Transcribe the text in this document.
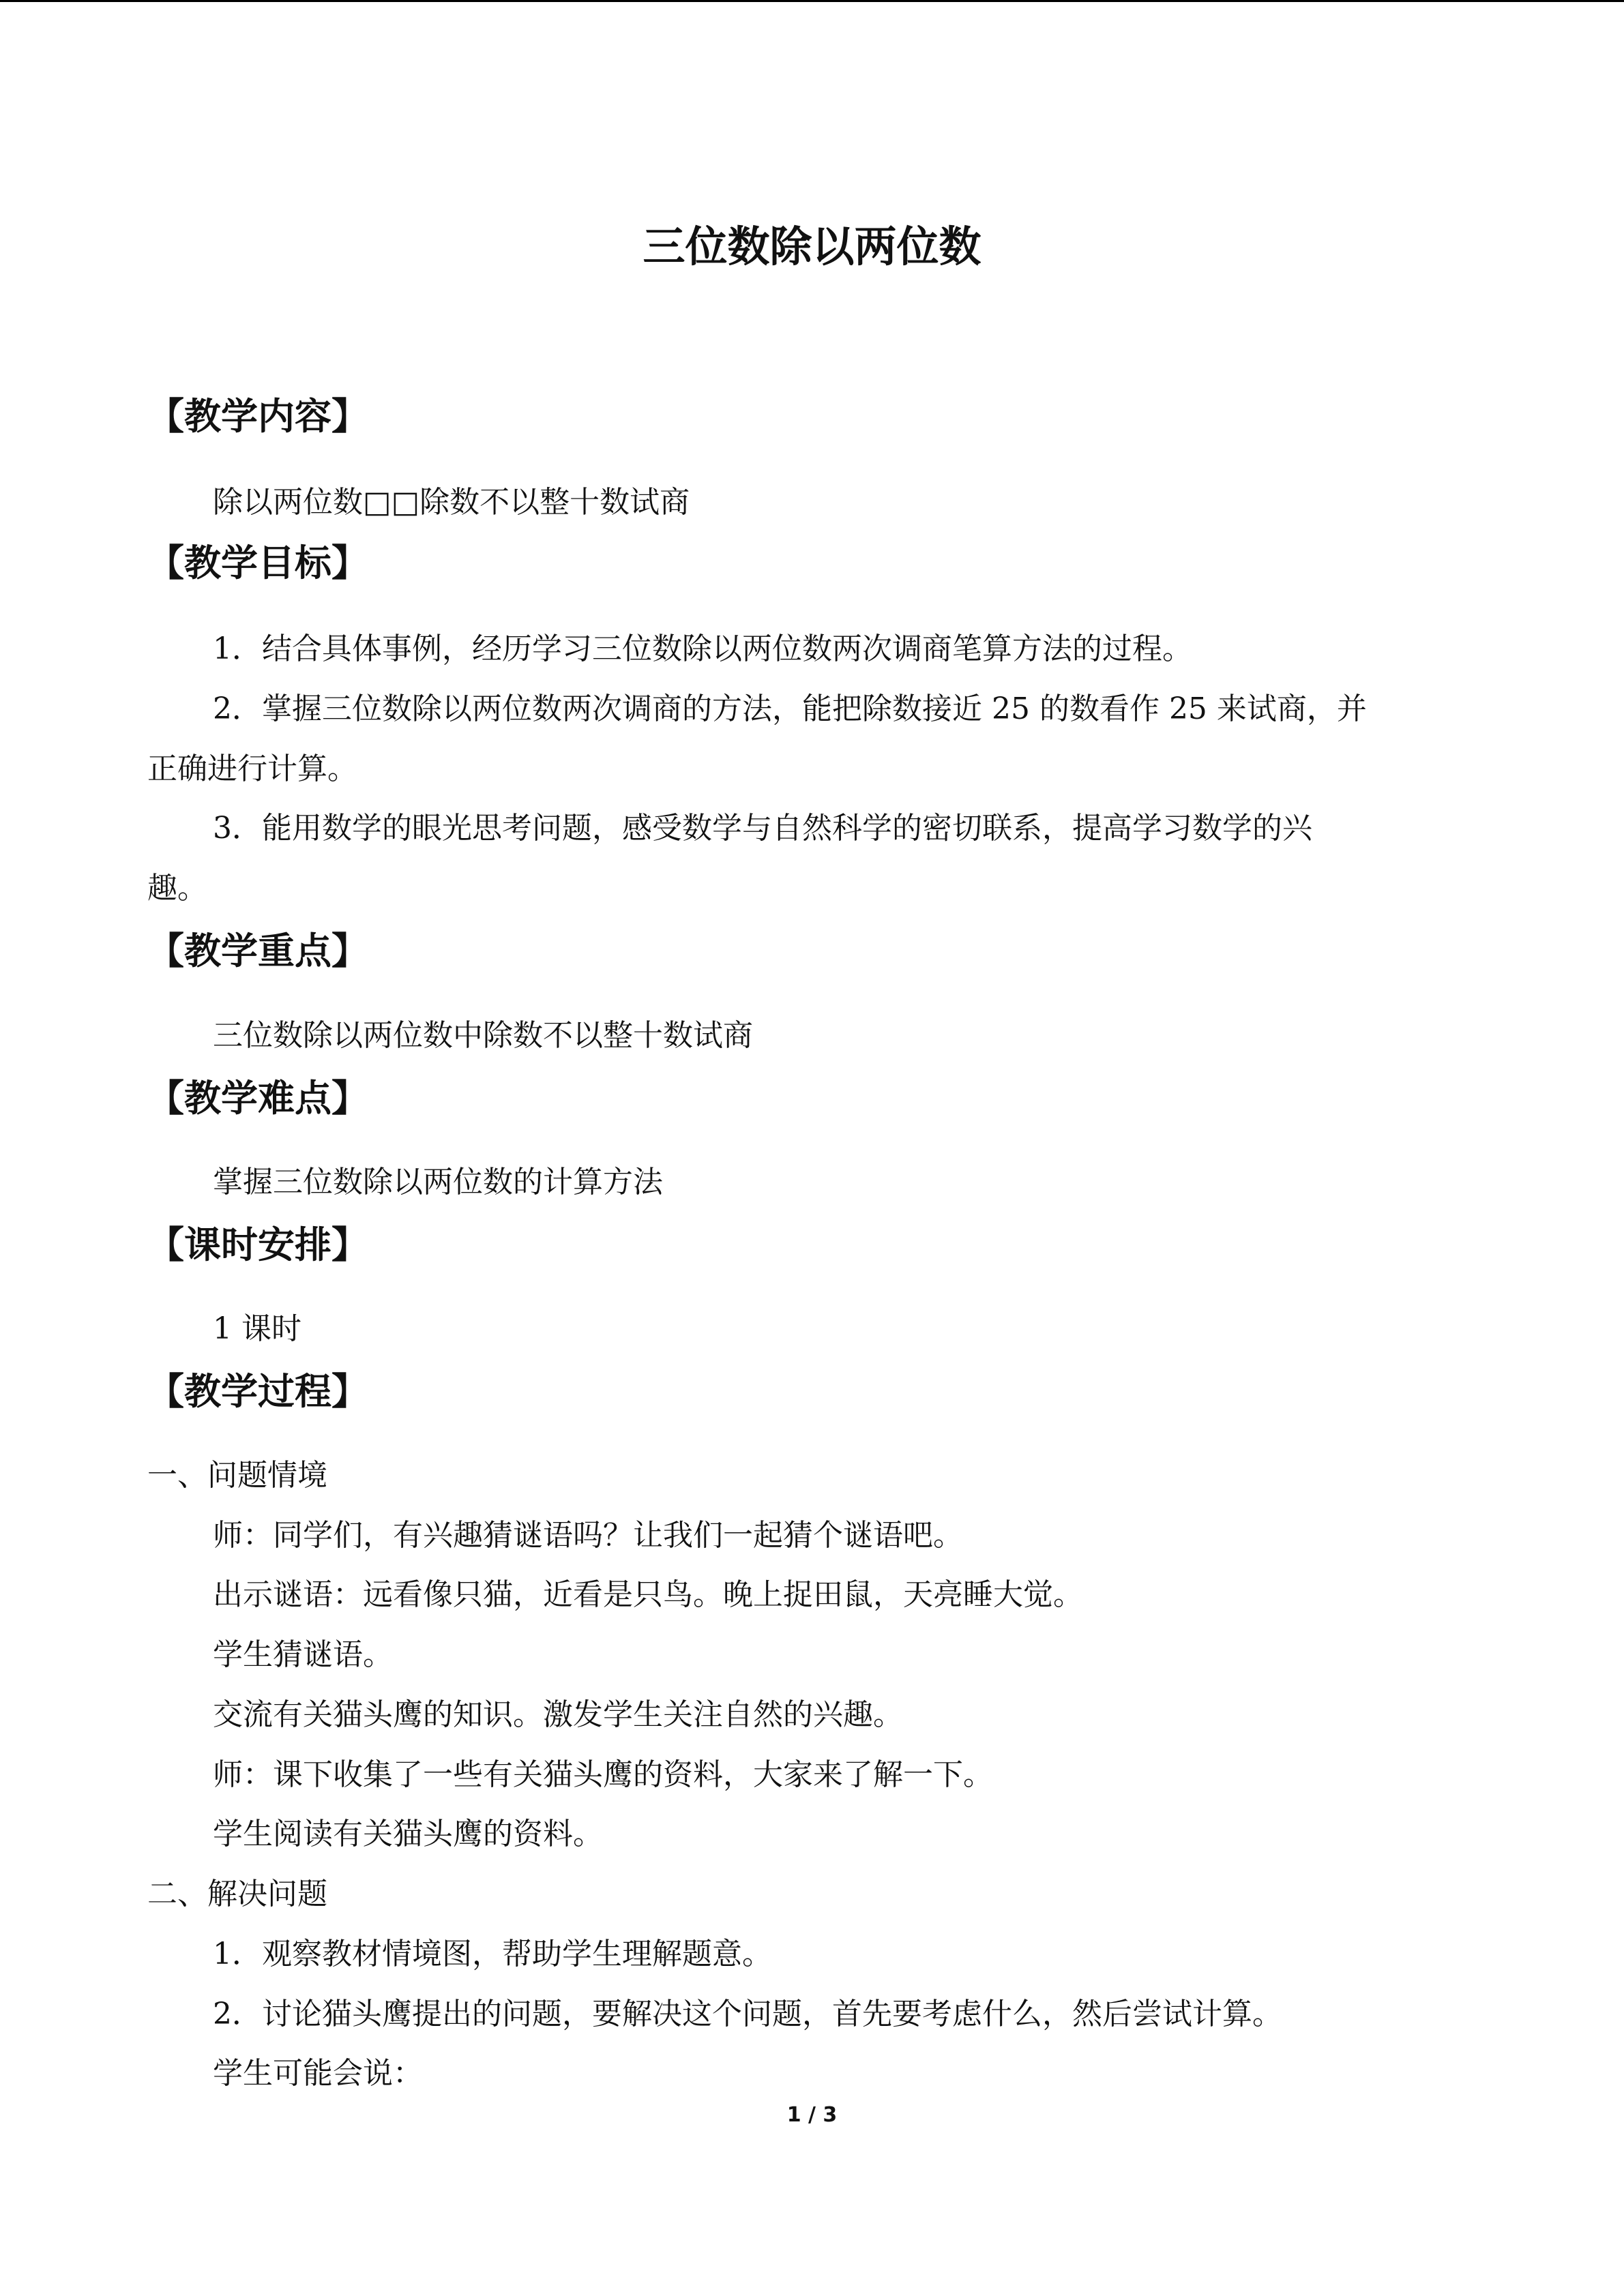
三位数除以两位数
【教学内容】
除以两位数□□除数不以整十数试商
【教学目标】
1．结合具体事例，经历学习三位数除以两位数两次调商笔算方法的过程。
2．掌握三位数除以两位数两次调商的方法，能把除数接近 25 的数看作 25 来试商，并
正确进行计算。
3．能用数学的眼光思考问题，感受数学与自然科学的密切联系，提高学习数学的兴
趣。
【教学重点】
三位数除以两位数中除数不以整十数试商
【教学难点】
掌握三位数除以两位数的计算方法
【课时安排】
1 课时
【教学过程】
一、问题情境
师：同学们，有兴趣猜谜语吗？让我们一起猜个谜语吧。
出示谜语：远看像只猫，近看是只鸟。晚上捉田鼠，天亮睡大觉。
学生猜谜语。
交流有关猫头鹰的知识。激发学生关注自然的兴趣。
师：课下收集了一些有关猫头鹰的资料，大家来了解一下。
学生阅读有关猫头鹰的资料。
二、解决问题
1．观察教材情境图，帮助学生理解题意。
2．讨论猫头鹰提出的问题，要解决这个问题，首先要考虑什么，然后尝试计算。
学生可能会说：
1 / 3
